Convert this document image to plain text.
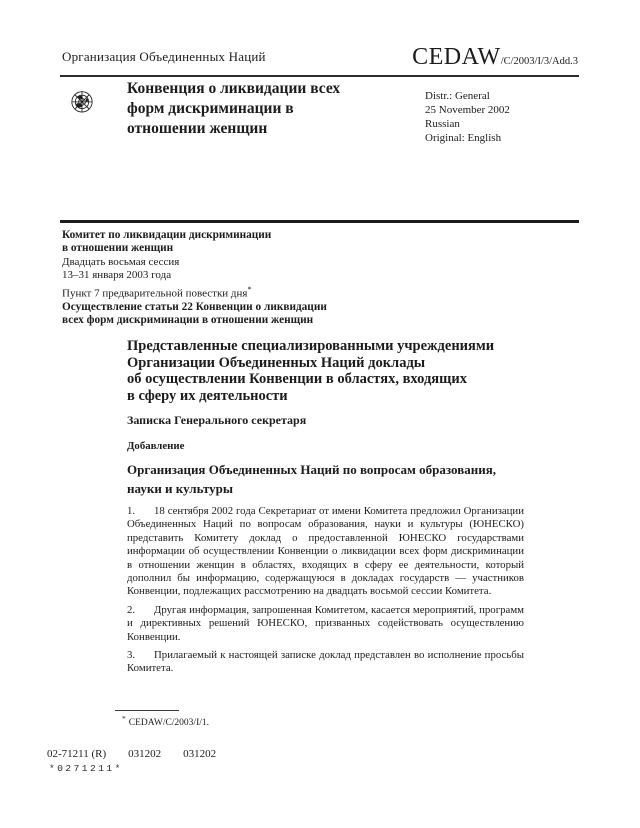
Организация Объединенных Наций	CEDAW/C/2003/I/3/Add.3
Конвенция о ликвидации всех
форм дискриминации в
отношении женщин
Distr.: General
25 November 2002
Russian
Original: English
Комитет по ликвидации дискриминации
в отношении женщин
Двадцать восьмая сессия
13–31 января 2003 года
Пункт 7 предварительной повестки дня*
Осуществление статьи 22 Конвенции о ликвидации
всех форм дискриминации в отношении женщин
Представленные специализированными учреждениями
Организации Объединенных Наций доклады
об осуществлении Конвенции в областях, входящих
в сферу их деятельности
Записка Генерального секретаря
Добавление
Организация Объединенных Наций по вопросам образования,
науки и культуры

1. 18 сентября 2002 года Секретариат от имени Комитета предложил Организации Объединенных Наций по вопросам образования, науки и культуры (ЮНЕСКО) представить Комитету доклад о предоставленной ЮНЕСКО государствами информации об осуществлении Конвенции о ликвидации всех форм дискриминации в отношении женщин в областях, входящих в сферу ее деятельности, который дополнил бы информацию, содержащуюся в докладах государств — участников Конвенции, подлежащих рассмотрению на двадцать восьмой сессии Комитета.

2. Другая информация, запрошенная Комитетом, касается мероприятий, программ и директивных решений ЮНЕСКО, призванных содействовать осуществлению Конвенции.

3. Прилагаемый к настоящей записке доклад представлен во исполнение просьбы Комитета.

* CEDAW/C/2003/I/1.
02-71211 (R) 031202 031202
*0271211*
